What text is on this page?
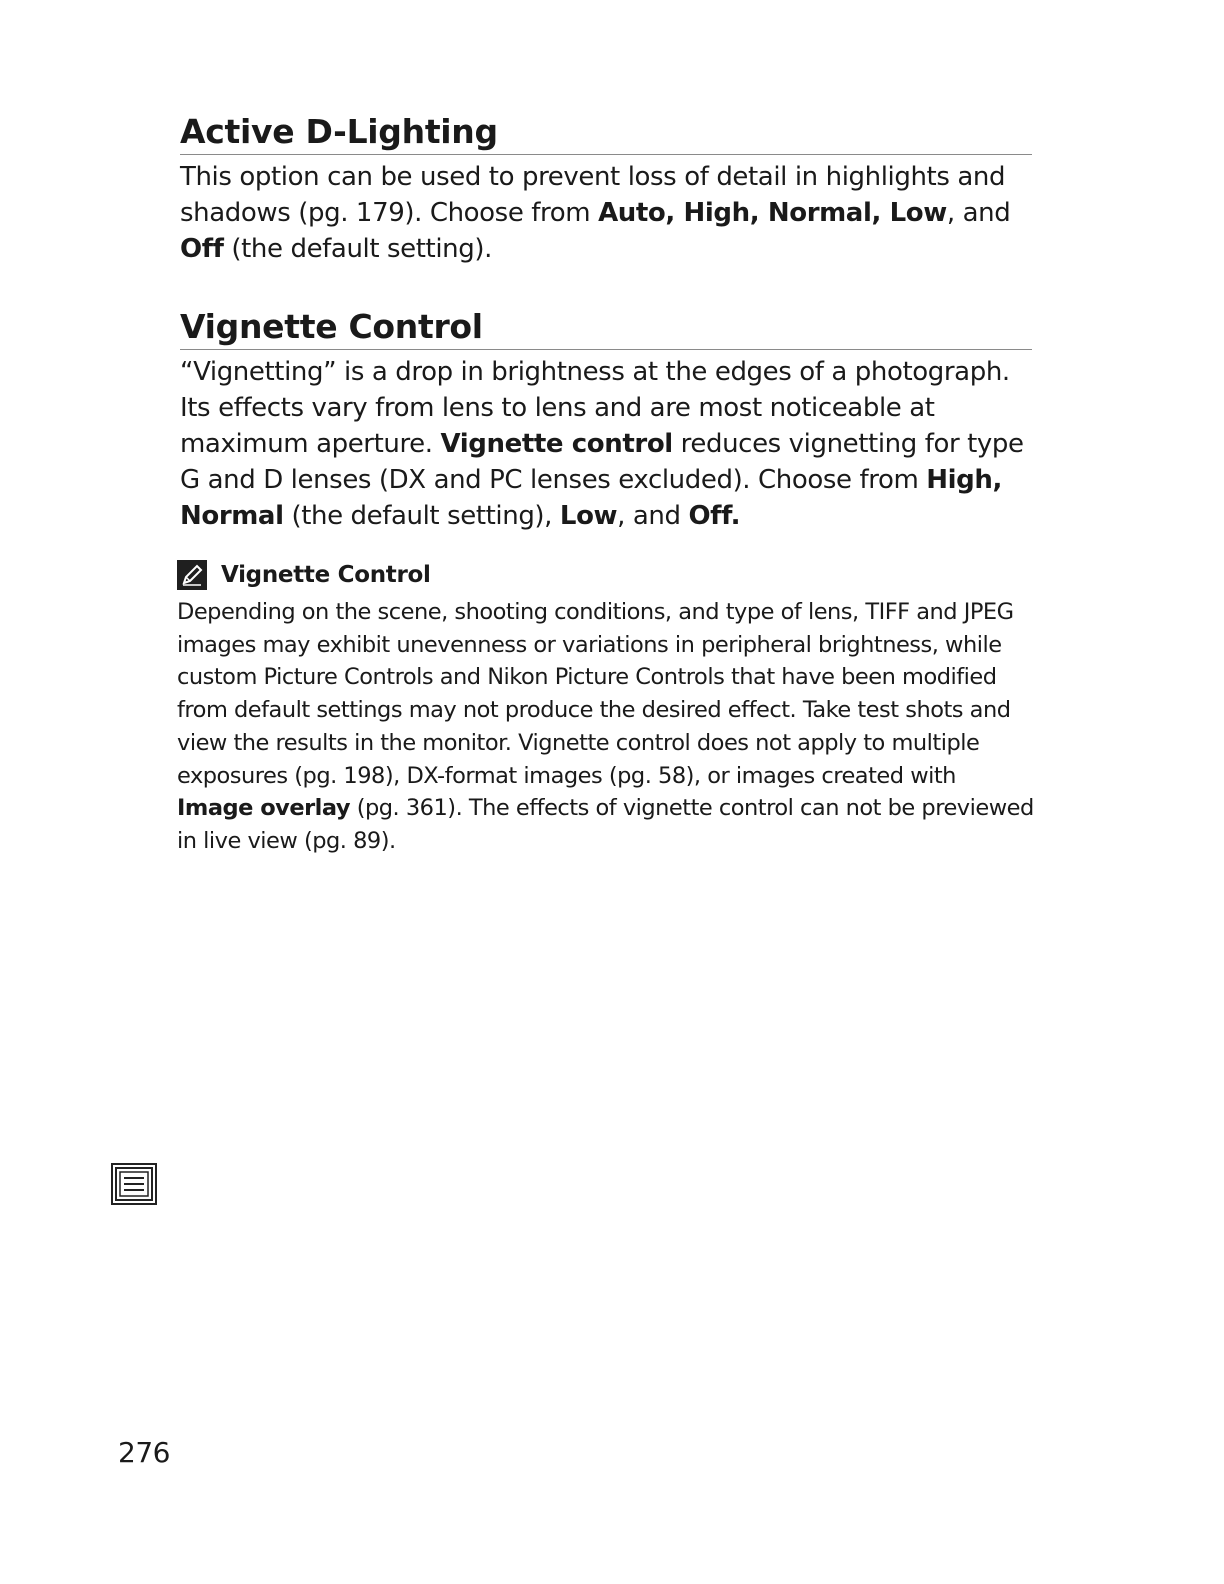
Active D-Lighting

This option can be used to prevent loss of detail in highlights and shadows (pg. 179). Choose from Auto, High, Normal, Low, and Off (the default setting).

Vignette Control

“Vignetting” is a drop in brightness at the edges of a photograph. Its effects vary from lens to lens and are most noticeable at maximum aperture. Vignette control reduces vignetting for type G and D lenses (DX and PC lenses excluded). Choose from High, Normal (the default setting), Low, and Off.

Vignette Control

Depending on the scene, shooting conditions, and type of lens, TIFF and JPEG images may exhibit unevenness or variations in peripheral brightness, while custom Picture Controls and Nikon Picture Controls that have been modified from default settings may not produce the desired effect. Take test shots and view the results in the monitor. Vignette control does not apply to multiple exposures (pg. 198), DX-format images (pg. 58), or images created with Image overlay (pg. 361). The effects of vignette control can not be previewed in live view (pg. 89).

276
